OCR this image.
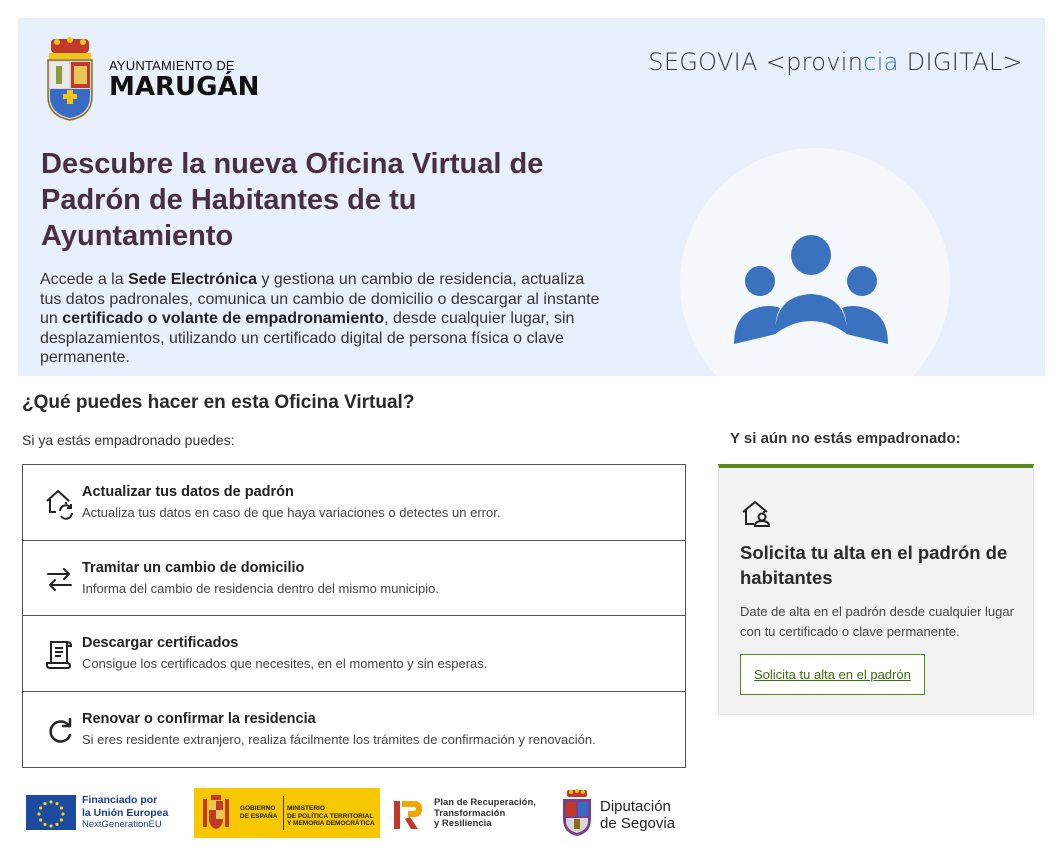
AYUNTAMIENTO DE
MARUGÁN
SEGOVIA <provincia DIGITAL>
Descubre la nueva Oficina Virtual de Padrón de Habitantes de tu Ayuntamiento

Accede a la Sede Electrónica y gestiona un cambio de residencia, actualiza tus datos padronales, comunica un cambio de domicilio o descargar al instante un certificado o volante de empadronamiento, desde cualquier lugar, sin desplazamientos, utilizando un certificado digital de persona física o clave permanente.

¿Qué puedes hacer en esta Oficina Virtual?

Si ya estás empadronado puedes:

Actualizar tus datos de padrón
Actualiza tus datos en caso de que haya variaciones o detectes un error.
Tramitar un cambio de domicilio
Informa del cambio de residencia dentro del mismo municipio.
Descargar certificados
Consigue los certificados que necesites, en el momento y sin esperas.
Renovar o confirmar la residencia
Si eres residente extranjero, realiza fácilmente los trámites de confirmación y renovación.
Y si aún no estás empadronado:
Solicita tu alta en el padrón de habitantes
Date de alta en el padrón desde cualquier lugar con tu certificado o clave permanente.
Solicita tu alta en el padrón
Financiado por
la Unión Europea
NextGenerationEU
GOBIERNO
DE ESPAÑA
MINISTERIO
DE POLÍTICA TERRITORIAL
Y MEMORIA DEMOCRÁTICA
Plan de Recuperación,
Transformación
y Resiliencia
Diputación
de Segovia
